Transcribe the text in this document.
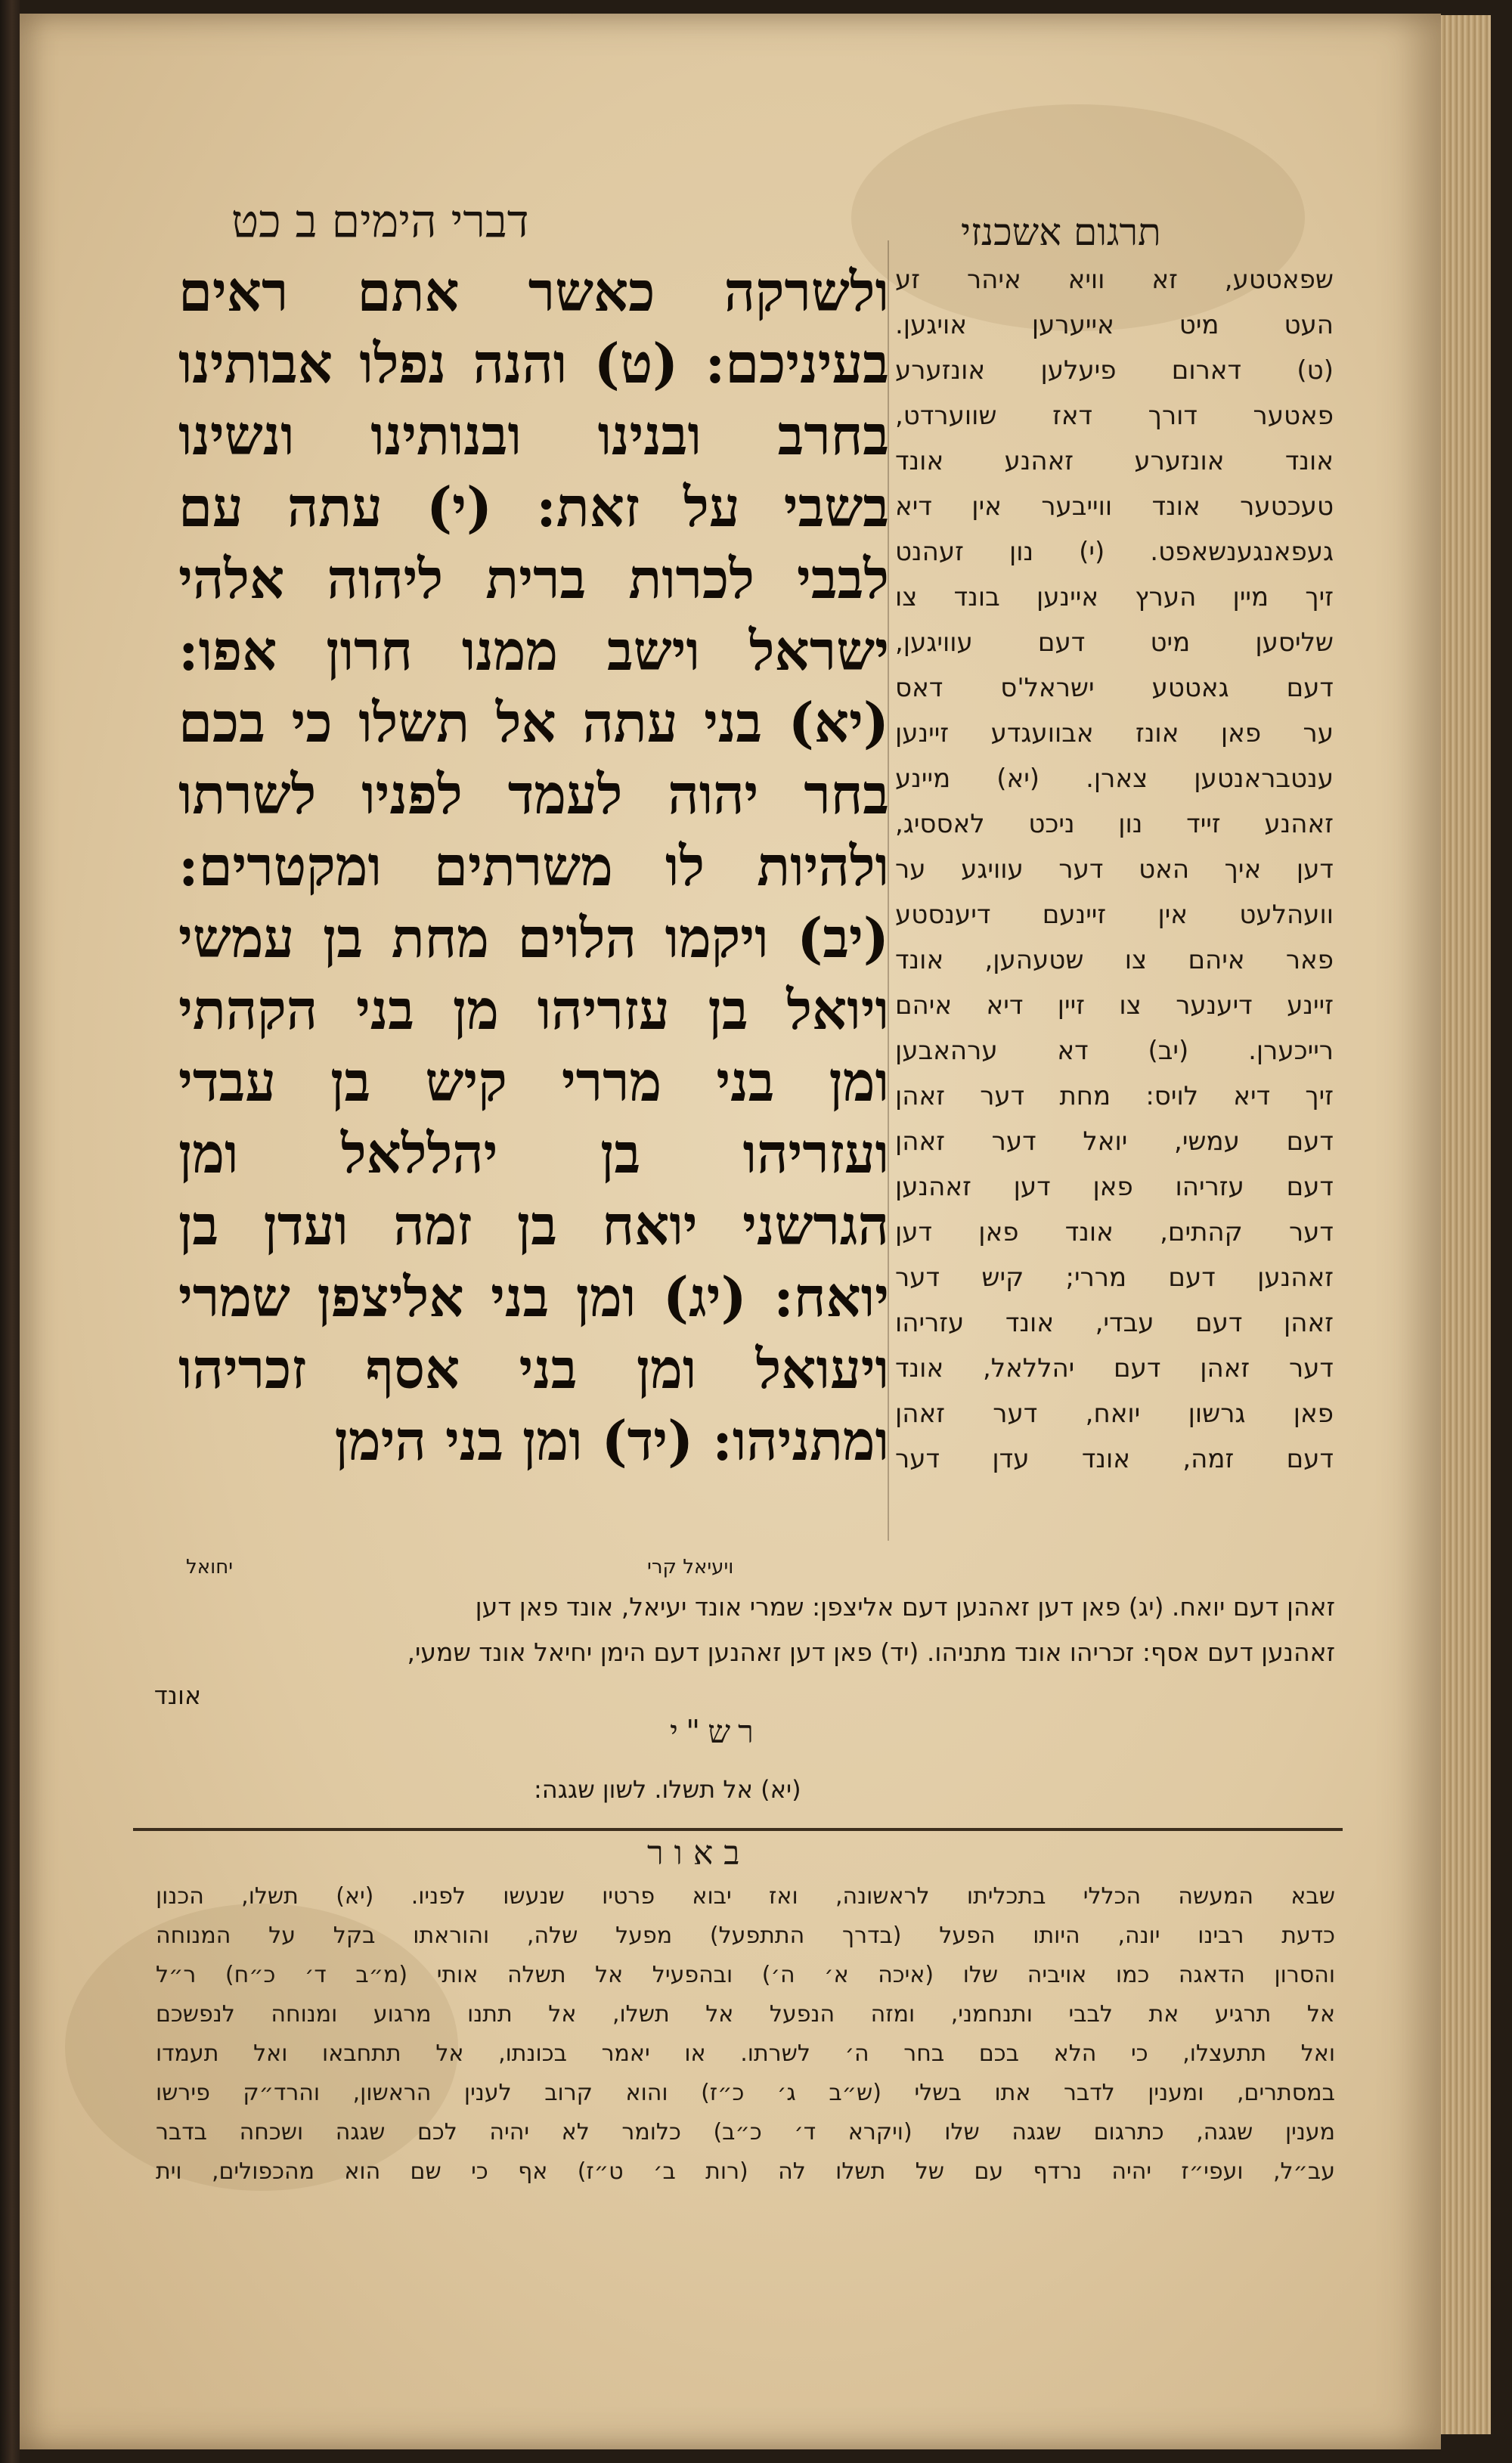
דברי הימים ב כט	תרגום אשכנזי
ולשרקה כאשר אתם ראים
בעיניכם: (ט) והנה נפלו אבותינו
בחרב ובנינו ובנותינו ונשינו
בשבי על זאת: (י) עתה עם
לבבי לכרות ברית ליהוה אלהי
ישראל וישב ממנו חרון אפו:
(יא) בני עתה אל תשלו כי בכם
בחר יהוה לעמד לפניו לשרתו
ולהיות לו משרתים ומקטרים:
(יב) ויקמו הלוים מחת בן עמשי
ויואל בן עזריהו מן בני הקהתי
ומן בני מררי קיש בן עבדי
ועזריהו בן יהללאל ומן
הגרשני יואח בן זמה ועדן בן
יואח: (יג) ומן בני אליצפן שמרי
ויעואל ומן בני אסף זכריהו
ומתניהו: (יד) ומן בני הימן
שפאטטע, זא וויא איהר זע
העט מיט אייערען אויגען.
(ט) דארום פיעלען אונזערע
פאטער דורך דאז שווערדט,
אונד אונזערע זאהנע אונד
טעכטער אונד ווייבער אין דיא
געפאנגענשאפט. (י) נון זעהנט
זיך מיין הערץ איינען בונד צו
שליסען מיט דעם עוויגען,
דעם גאטטע ישראל'ס דאס
ער פאן אונז אבוועגדע זיינען
ענטבראנטען צארן. (יא) מיינע
זאהנע זייד נון ניכט לאססיג,
דען איך האט דער עוויגע ער
וועהלעט אין זיינעם דיענסטע
פאר איהם צו שטעהען, אונד
זיינע דיענער צו זיין דיא איהם
רייכערן. (יב) דא ערהאבען
זיך דיא לויס: מחת דער זאהן
דעם עמשי, יואל דער זאהן
דעם עזריהו פאן דען זאהנען
דער קהתים, אונד פאן דען
זאהנען דעם מררי; קיש דער
זאהן דעם עבדי, אונד עזריהו
דער זאהן דעם יהללאל, אונד
פאן גרשון יואח, דער זאהן
דעם זמה, אונד עדן דער
יחואל	ויעיאל קרי
זאהן דעם יואח. (יג) פאן דען זאהנען דעם אליצפן: שמרי אונד יעיאל, אונד פאן דען
זאהנען דעם אסף: זכריהו אונד מתניהו. (יד) פאן דען זאהנען דעם הימן יחיאל אונד שמעי,
אונד
רש"י
(יא) אל תשלו. לשון שגגה:
באור
שבא המעשה הכללי בתכליתו לראשונה, ואז יבוא פרטיו שנעשו לפניו. (יא) תשלו, הכנון
כדעת רבינו יונה, היותו הפעל (בדרך התתפעל) מפעל שלה, והוראתו בקל על המנוחה
והסרון הדאגה כמו אויביה שלו (איכה א׳ ה׳) ובהפעיל אל תשלה אותי (מ״ב ד׳ כ״ח) ר״ל
אל תרגיע את לבבי ותנחמני, ומזה הנפעל אל תשלו, אל תתנו מרגוע ומנוחה לנפשכם
ואל תתעצלו, כי הלא בכם בחר ה׳ לשרתו. או יאמר בכונתו, אל תתחבאו ואל תעמדו
במסתרים, ומענין לדבר אתו בשלי (ש״ב ג׳ כ״ז) והוא קרוב לענין הראשון, והרד״ק פירשו
מענין שגגה, כתרגום שגגה שלו (ויקרא ד׳ כ״ב) כלומר לא יהיה לכם שגגה ושכחה בדבר
עב״ל, ועפי״ז יהיה נרדף עם של תשלו לה (רות ב׳ ט״ז) אף כי שם הוא מהכפולים, וית
